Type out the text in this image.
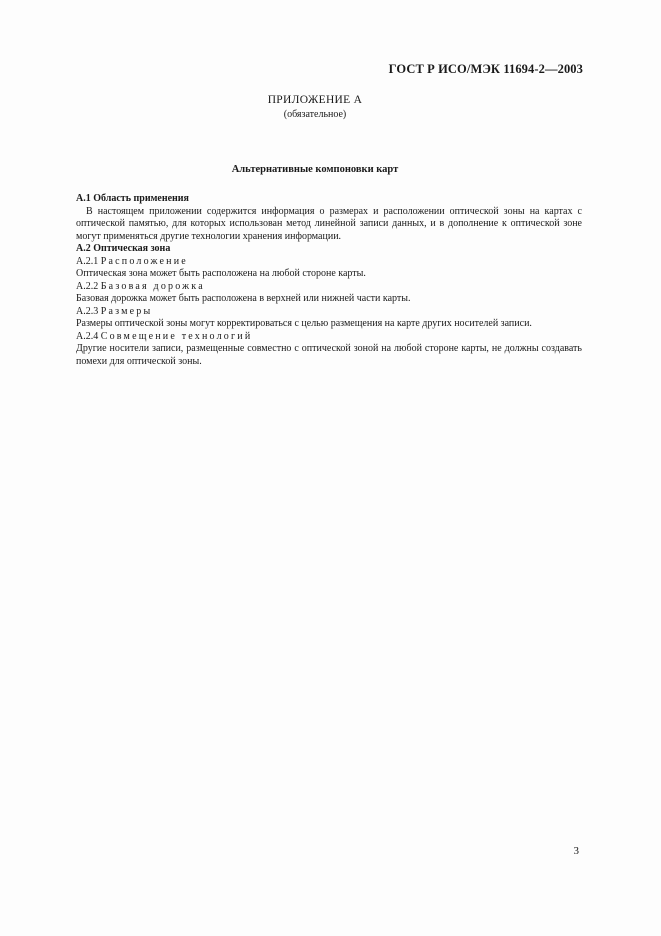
ГОСТ Р ИСО/МЭК 11694-2—2003
ПРИЛОЖЕНИЕ А
(обязательное)
Альтернативные компоновки карт

А.1 Область применения

В настоящем приложении содержится информация о размерах и расположении оптической зоны на картах с оптической памятью, для которых использован метод линейной записи данных, и в дополнение к оптической зоне могут применяться другие технологии хранения информации.

А.2 Оптическая зона

А.2.1 Расположение

Оптическая зона может быть расположена на любой стороне карты.

А.2.2 Базовая дорожка

Базовая дорожка может быть расположена в верхней или нижней части карты.

А.2.3 Размеры

Размеры оптической зоны могут корректироваться с целью размещения на карте других носителей записи.

А.2.4 Совмещение технологий

Другие носители записи, размещенные совместно с оптической зоной на любой стороне карты, не должны создавать помехи для оптической зоны.

3
